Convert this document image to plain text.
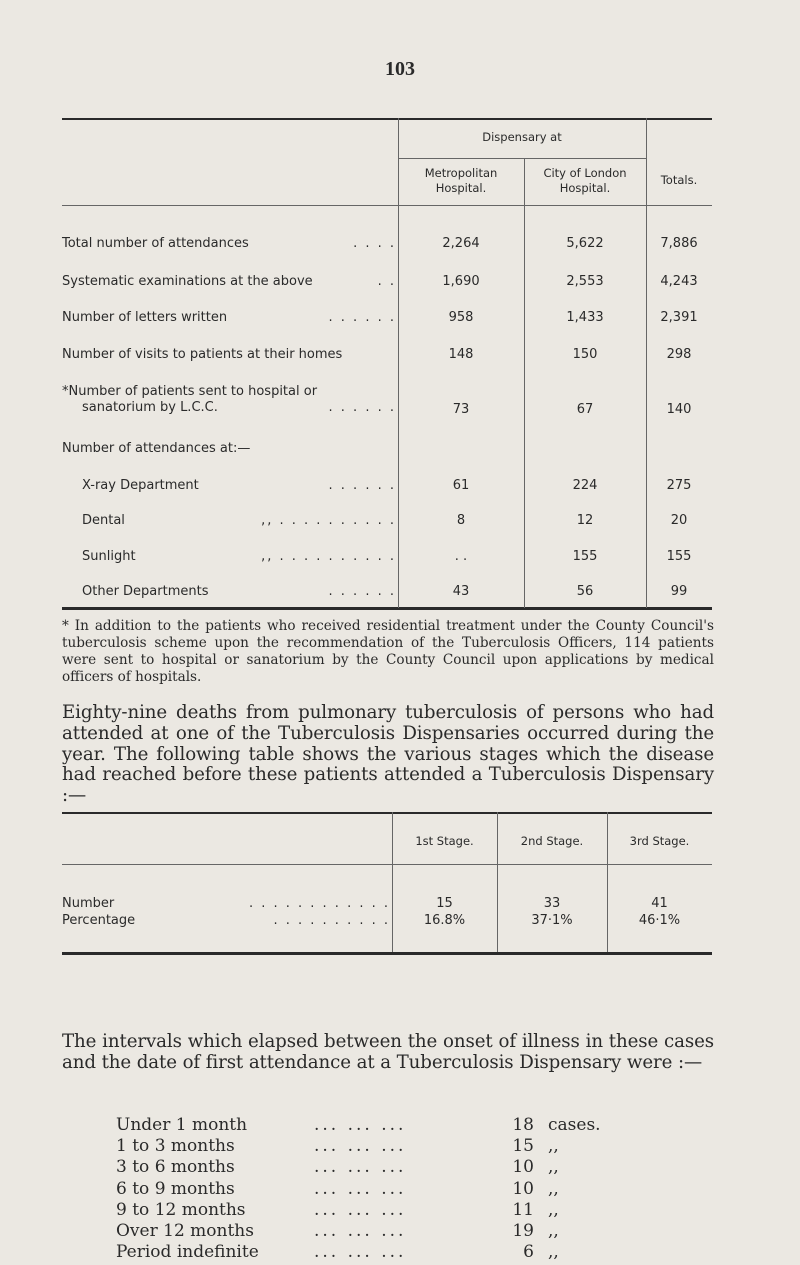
103
Dispensary at
Metropolitan Hospital.
City of London Hospital.
Totals.
Total number of attendances	. . . .	2,264	5,622	7,886
Systematic examinations at the above	. .	1,690	2,553	4,243
Number of letters written	. . . . . .	958	1,433	2,391
Number of visits to patients at their homes	148	150	298
*Number of patients sent to hospital or
sanatorium by L.C.C.	. . . . . .	73	67	140
Number of attendances at:—
X-ray Department	. . . . . .	61	224	275
Dental	,, . . . . . . . . . .	8	12	20
Sunlight	,, . . . . . . . . . .	. .	155	155
Other Departments	. . . . . .	43	56	99
* In addition to the patients who received residential treatment under the County Council's tuberculosis scheme upon the recommendation of the Tuberculosis Officers, 114 patients were sent to hospital or sanatorium by the County Council upon applications by medical officers of hospitals.
Eighty-nine deaths from pulmonary tuberculosis of persons who had attended at one of the Tuberculosis Dispensaries occurred during the year. The following table shows the various stages which the disease had reached before these patients attended a Tuberculosis Dispensary :—
1st Stage.	2nd Stage.	3rd Stage.
Number	. . . . . . . . . . . .	15	33	41
Percentage	. . . . . . . . . .	16.8%	37·1%	46·1%
The intervals which elapsed between the onset of illness in these cases and the date of first attendance at a Tuberculosis Dispensary were :—
Under 1 month	... ... ...	18 cases.
1 to 3 months	... ... ...	15 ,,
3 to 6 months	... ... ...	10 ,,
6 to 9 months	... ... ...	10 ,,
9 to 12 months	... ... ...	11 ,,
Over 12 months	... ... ...	19 ,,
Period indefinite	... ... ...	6 ,,
